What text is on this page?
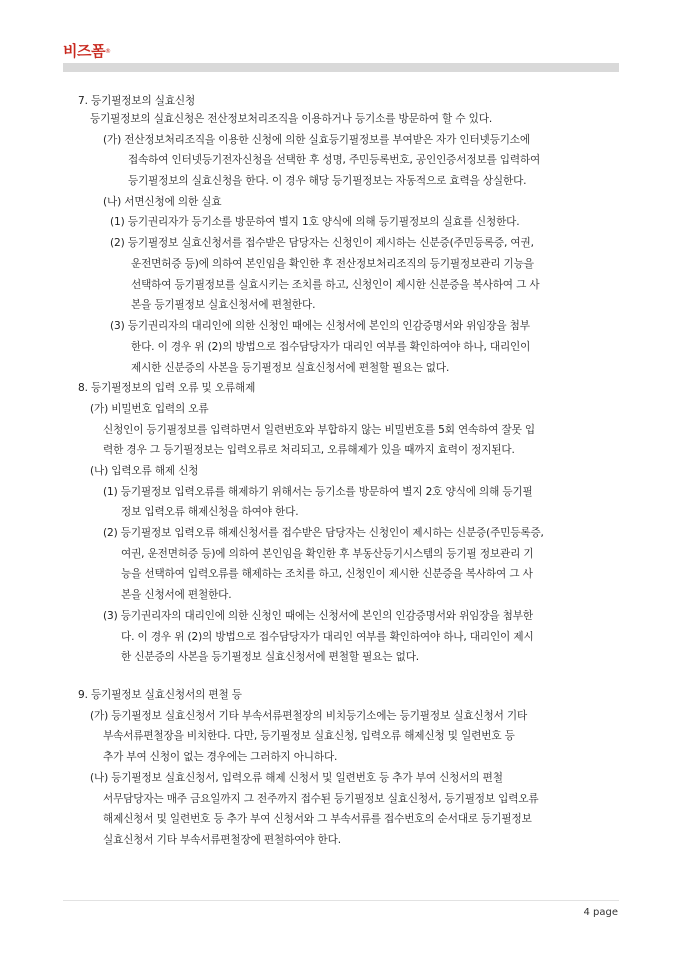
비즈폼®
7. 등기필정보의 실효신청
등기필정보의 실효신청은 전산정보처리조직을 이용하거나 등기소를 방문하여 할 수 있다.
(가) 전산정보처리조직을 이용한 신청에 의한 실효등기필정보를 부여받은 자가 인터넷등기소에
접속하여 인터넷등기전자신청을 선택한 후 성명, 주민등록번호, 공인인증서정보를 입력하여
등기필정보의 실효신청을 한다. 이 경우 해당 등기필정보는 자동적으로 효력을 상실한다.
(나) 서면신청에 의한 실효
(1) 등기권리자가 등기소를 방문하여 별지 1호 양식에 의해 등기필정보의 실효를 신청한다.
(2) 등기필정보 실효신청서를 접수받은 담당자는 신청인이 제시하는 신분증(주민등록증, 여권,
운전면허증 등)에 의하여 본인임을 확인한 후 전산정보처리조직의 등기필정보관리 기능을
선택하여 등기필정보를 실효시키는 조치를 하고, 신청인이 제시한 신분증을 복사하여 그 사
본을 등기필정보 실효신청서에 편철한다.
(3) 등기권리자의 대리인에 의한 신청인 때에는 신청서에 본인의 인감증명서와 위임장을 첨부
한다. 이 경우 위 (2)의 방법으로 접수담당자가 대리인 여부를 확인하여야 하나, 대리인이
제시한 신분증의 사본을 등기필정보 실효신청서에 편철할 필요는 없다.
8. 등기필정보의 입력 오류 및 오류해제
(가) 비밀번호 입력의 오류
신청인이 등기필정보를 입력하면서 일련번호와 부합하지 않는 비밀번호를 5회 연속하여 잘못 입
력한 경우 그 등기필정보는 입력오류로 처리되고, 오류해제가 있을 때까지 효력이 정지된다.
(나) 입력오류 해제 신청
(1) 등기필정보 입력오류를 해제하기 위해서는 등기소를 방문하여 별지 2호 양식에 의해 등기필
정보 입력오류 해제신청을 하여야 한다.
(2) 등기필정보 입력오류 해제신청서를 접수받은 담당자는 신청인이 제시하는 신분증(주민등록증,
여권, 운전면허증 등)에 의하여 본인임을 확인한 후 부동산등기시스템의 등기필 정보관리 기
능을 선택하여 입력오류를 해제하는 조치를 하고, 신청인이 제시한 신분증을 복사하여 그 사
본을 신청서에 편철한다.
(3) 등기권리자의 대리인에 의한 신청인 때에는 신청서에 본인의 인감증명서와 위임장을 첨부한
다. 이 경우 위 (2)의 방법으로 접수담당자가 대리인 여부를 확인하여야 하나, 대리인이 제시
한 신분증의 사본을 등기필정보 실효신청서에 편철할 필요는 없다.
9. 등기필정보 실효신청서의 편철 등
(가) 등기필정보 실효신청서 기타 부속서류편철장의 비치등기소에는 등기필정보 실효신청서 기타
부속서류편철장을 비치한다. 다만, 등기필정보 실효신청, 입력오류 해제신청 및 일련번호 등
추가 부여 신청이 없는 경우에는 그러하지 아니하다.
(나) 등기필정보 실효신청서, 입력오류 해제 신청서 및 일련번호 등 추가 부여 신청서의 편철
서무담당자는 매주 금요일까지 그 전주까지 접수된 등기필정보 실효신청서, 등기필정보 입력오류
해제신청서 및 일련번호 등 추가 부여 신청서와 그 부속서류를 접수번호의 순서대로 등기필정보
실효신청서 기타 부속서류편철장에 편철하여야 한다.
4 page
